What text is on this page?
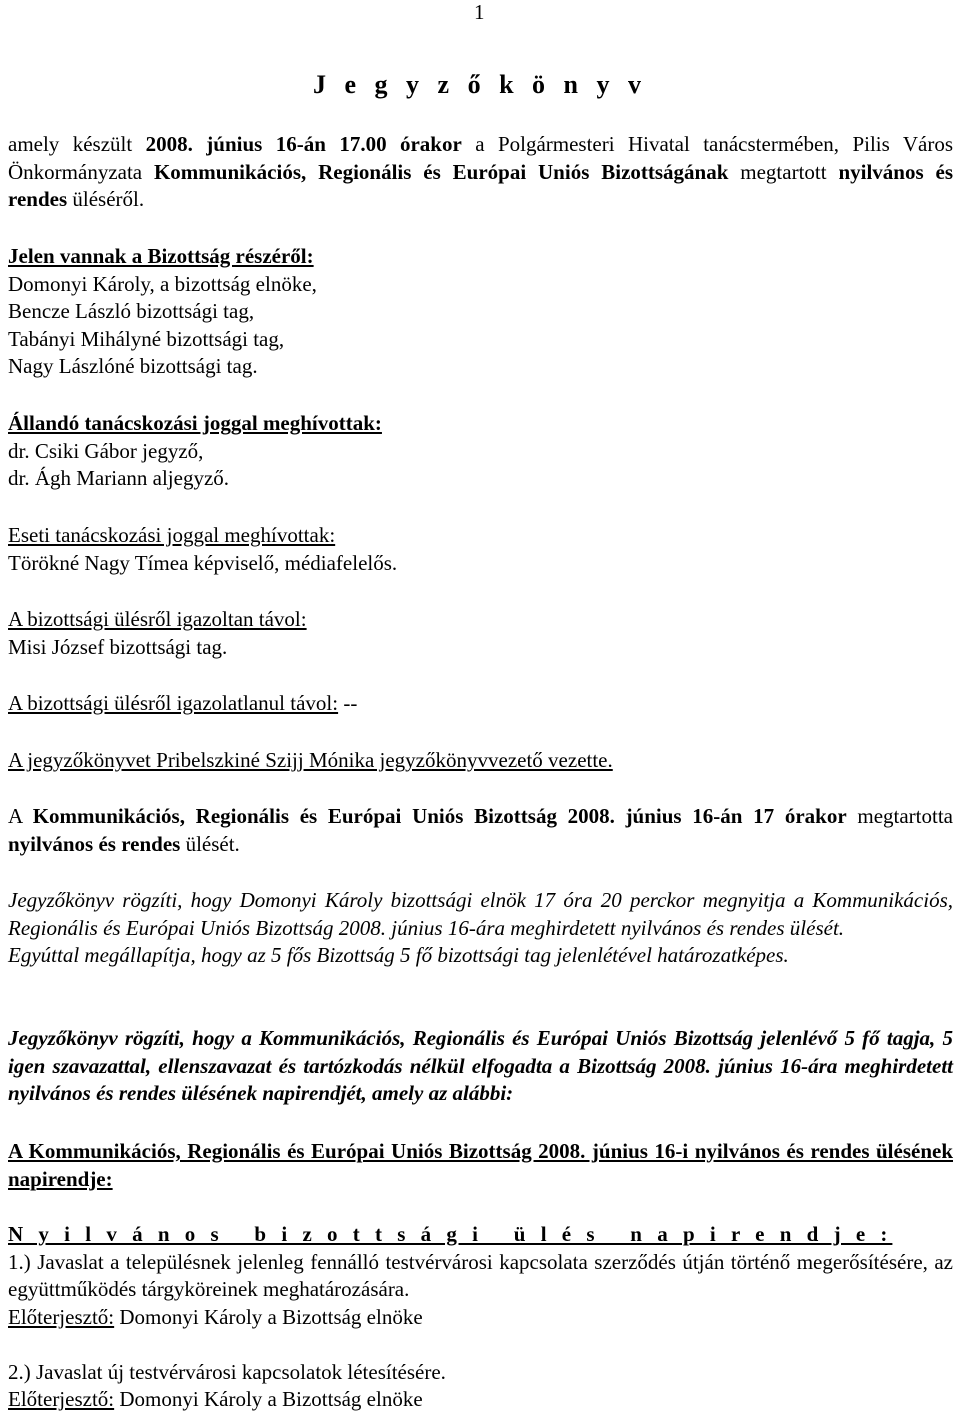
1
J e g y z ő k ö n y v
amely készült 2008. június 16-án 17.00 órakor a Polgármesteri Hivatal tanácstermében, Pilis Város Önkormányzata Kommunikációs, Regionális és Európai Uniós Bizottságának megtartott nyilvános és rendes üléséről.

Jelen vannak a Bizottság részéről:

Domonyi Károly, a bizottság elnöke,

Bencze László bizottsági tag,

Tabányi Mihályné bizottsági tag,

Nagy Lászlóné bizottsági tag.

Állandó tanácskozási joggal meghívottak:

dr. Csiki Gábor jegyző,

dr. Ágh Mariann aljegyző.

Eseti tanácskozási joggal meghívottak:

Törökné Nagy Tímea képviselő, médiafelelős.

A bizottsági ülésről igazoltan távol:

Misi József bizottsági tag.

A bizottsági ülésről igazolatlanul távol: --

A jegyzőkönyvet Pribelszkiné Szijj Mónika jegyzőkönyvvezető vezette.

A Kommunikációs, Regionális és Európai Uniós Bizottság 2008. június 16-án 17 órakor megtartotta nyilvános és rendes ülését.

Jegyzőkönyv rögzíti, hogy Domonyi Károly bizottsági elnök 17 óra 20 perckor megnyitja a Kommunikációs, Regionális és Európai Uniós Bizottság 2008. június 16-ára meghirdetett nyilvános és rendes ülését.

Egyúttal megállapítja, hogy az 5 fős Bizottság 5 fő bizottsági tag jelenlétével határozatképes.

Jegyzőkönyv rögzíti, hogy a Kommunikációs, Regionális és Európai Uniós Bizottság jelenlévő 5 fő tagja, 5 igen szavazattal, ellenszavazat és tartózkodás nélkül elfogadta a Bizottság 2008. június 16-ára meghirdetett nyilvános és rendes ülésének napirendjét, amely az alábbi:

A Kommunikációs, Regionális és Európai Uniós Bizottság 2008. június 16-i nyilvános és rendes ülésének napirendje:

N y i l v á n o s   b i z o t t s á g i   ü l é s   n a p i r e n d j e :

1.) Javaslat a településnek jelenleg fennálló testvérvárosi kapcsolata szerződés útján történő megerősítésére, az együttműködés tárgyköreinek meghatározására.

Előterjesztő: Domonyi Károly a Bizottság elnöke

2.) Javaslat új testvérvárosi kapcsolatok létesítésére.

Előterjesztő: Domonyi Károly a Bizottság elnöke
